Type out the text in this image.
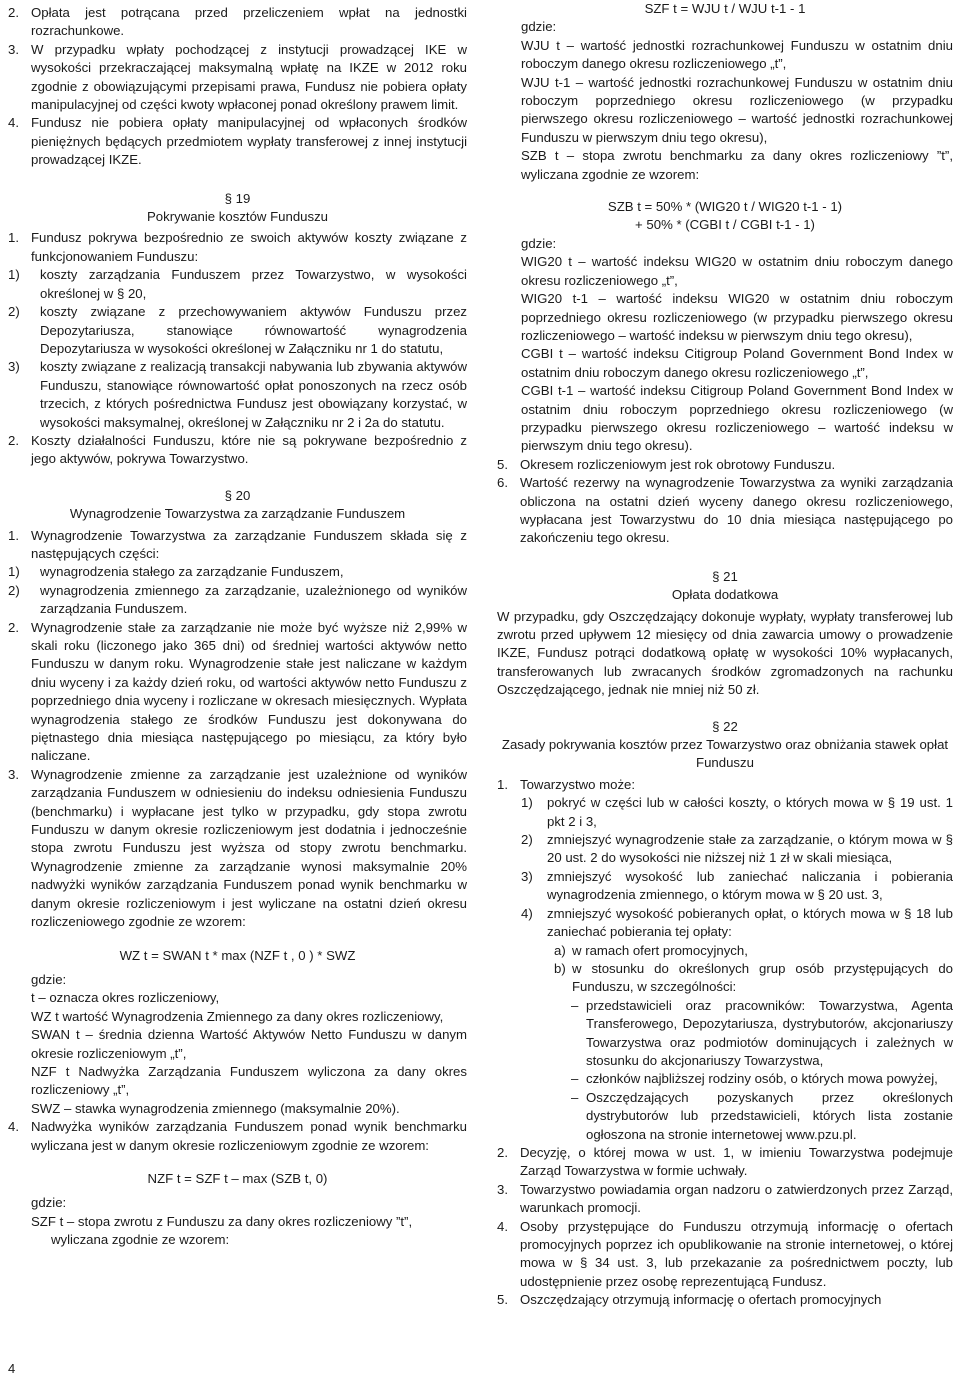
2. Opłata jest potrącana przed przeliczeniem wpłat na jednostki rozrachunkowe.
3. W przypadku wpłaty pochodzącej z instytucji prowadzącej IKE w wysokości przekraczającej maksymalną wpłatę na IKZE w 2012 roku zgodnie z obowiązującymi przepisami prawa, Fundusz nie pobiera opłaty manipulacyjnej od części kwoty wpłaconej ponad określony prawem limit.
4. Fundusz nie pobiera opłaty manipulacyjnej od wpłaconych środków pieniężnych będących przedmiotem wypłaty transferowej z innej instytucji prowadzącej IKZE.
§ 19
Pokrywanie kosztów Funduszu
1. Fundusz pokrywa bezpośrednio ze swoich aktywów koszty związane z funkcjonowaniem Funduszu:
1) koszty zarządzania Funduszem przez Towarzystwo, w wysokości określonej w § 20,
2) koszty związane z przechowywaniem aktywów Funduszu przez Depozytariusza, stanowiące równowartość wynagrodzenia Depozytariusza w wysokości określonej w Załączniku nr 1 do statutu,
3) koszty związane z realizacją transakcji nabywania lub zbywania aktywów Funduszu, stanowiące równowartość opłat ponoszonych na rzecz osób trzecich, z których pośrednictwa Fundusz jest obowiązany korzystać, w wysokości maksymalnej, określonej w Załączniku nr 2 i 2a do statutu.
2. Koszty działalności Funduszu, które nie są pokrywane bezpośrednio z jego aktywów, pokrywa Towarzystwo.
§ 20
Wynagrodzenie Towarzystwa za zarządzanie Funduszem
1. Wynagrodzenie Towarzystwa za zarządzanie Funduszem składa się z następujących części:
1) wynagrodzenia stałego za zarządzanie Funduszem,
2) wynagrodzenia zmiennego za zarządzanie, uzależnionego od wyników zarządzania Funduszem.
2. Wynagrodzenie stałe za zarządzanie nie może być wyższe niż 2,99% w skali roku (liczonego jako 365 dni) od średniej wartości aktywów netto Funduszu w danym roku. Wynagrodzenie stałe jest naliczane w każdym dniu wyceny i za każdy dzień roku, od wartości aktywów netto Funduszu z poprzedniego dnia wyceny i rozliczane w okresach miesięcznych. Wypłata wynagrodzenia stałego ze środków Funduszu jest dokonywana do piętnastego dnia miesiąca następującego po miesiącu, za który było naliczane.
3. Wynagrodzenie zmienne za zarządzanie jest uzależnione od wyników zarządzania Funduszem w odniesieniu do indeksu odniesienia Funduszu (benchmarku) i wypłacane jest tylko w przypadku, gdy stopa zwrotu Funduszu w danym okresie rozliczeniowym jest dodatnia i jednocześnie stopa zwrotu Funduszu jest wyższa od stopy zwrotu benchmarku. Wynagrodzenie zmienne za zarządzanie wynosi maksymalnie 20% nadwyżki wyników zarządzania Funduszem ponad wynik benchmarku w danym okresie rozliczeniowym i jest wyliczane na ostatni dzień okresu rozliczeniowego zgodnie ze wzorem:
WZ t = SWAN t * max (NZF t , 0 ) * SWZ
gdzie:
t – oznacza okres rozliczeniowy,
WZ t wartość Wynagrodzenia Zmiennego za dany okres rozliczeniowy,
SWAN t – średnia dzienna Wartość Aktywów Netto Funduszu w danym okresie rozliczeniowym „t”,
NZF t Nadwyżka Zarządzania Funduszem wyliczona za dany okres rozliczeniowy „t”,
SWZ – stawka wynagrodzenia zmiennego (maksymalnie 20%).
4. Nadwyżka wyników zarządzania Funduszem ponad wynik benchmarku wyliczana jest w danym okresie rozliczeniowym zgodnie ze wzorem:
NZF t = SZF t – max (SZB t, 0)
gdzie:
SZF t – stopa zwrotu z Funduszu za dany okres rozliczeniowy ”t”,
wyliczana zgodnie ze wzorem:
SZF t = WJU t / WJU t-1 - 1
gdzie:
WJU t – wartość jednostki rozrachunkowej Funduszu w ostatnim dniu roboczym danego okresu rozliczeniowego „t”,
WJU t-1 – wartość jednostki rozrachunkowej Funduszu w ostatnim dniu roboczym poprzedniego okresu rozliczeniowego (w przypadku pierwszego okresu rozliczeniowego – wartość jednostki rozrachunkowej Funduszu w pierwszym dniu tego okresu),
SZB t – stopa zwrotu benchmarku za dany okres rozliczeniowy ”t”, wyliczana zgodnie ze wzorem:
SZB t = 50% * (WIG20 t / WIG20 t-1 - 1)
+ 50% * (CGBI t / CGBI t-1 - 1)
gdzie:
WIG20 t – wartość indeksu WIG20 w ostatnim dniu roboczym danego okresu rozliczeniowego „t”,
WIG20 t-1 – wartość indeksu WIG20 w ostatnim dniu roboczym poprzedniego okresu rozliczeniowego (w przypadku pierwszego okresu rozliczeniowego – wartość indeksu w pierwszym dniu tego okresu),
CGBI t – wartość indeksu Citigroup Poland Government Bond Index w ostatnim dniu roboczym danego okresu rozliczeniowego „t”,
CGBI t-1 – wartość indeksu Citigroup Poland Government Bond Index w ostatnim dniu roboczym poprzedniego okresu rozliczeniowego (w przypadku pierwszego okresu rozliczeniowego – wartość indeksu w pierwszym dniu tego okresu).
5. Okresem rozliczeniowym jest rok obrotowy Funduszu.
6. Wartość rezerwy na wynagrodzenie Towarzystwa za wyniki zarządzania obliczona na ostatni dzień wyceny danego okresu rozliczeniowego, wypłacana jest Towarzystwu do 10 dnia miesiąca następującego po zakończeniu tego okresu.
§ 21
Opłata dodatkowa

W przypadku, gdy Oszczędzający dokonuje wypłaty, wypłaty transferowej lub zwrotu przed upływem 12 miesięcy od dnia zawarcia umowy o prowadzenie IKZE, Fundusz potrąci dodatkową opłatę w wysokości 10% wypłacanych, transferowanych lub zwracanych środków zgromadzonych na rachunku Oszczędzającego, jednak nie mniej niż 50 zł.

§ 22
Zasady pokrywania kosztów przez Towarzystwo oraz obniżania stawek opłat Funduszu
1. Towarzystwo może:
1) pokryć w części lub w całości koszty, o których mowa w § 19 ust. 1 pkt 2 i 3,
2) zmniejszyć wynagrodzenie stałe za zarządzanie, o którym mowa w § 20 ust. 2 do wysokości nie niższej niż 1 zł w skali miesiąca,
3) zmniejszyć wysokość lub zaniechać naliczania i pobierania wynagrodzenia zmiennego, o którym mowa w § 20 ust. 3,
4) zmniejszyć wysokość pobieranych opłat, o których mowa w § 18 lub zaniechać pobierania tej opłaty:
a) w ramach ofert promocyjnych,
b) w stosunku do określonych grup osób przystępujących do Funduszu, w szczególności:
– przedstawicieli oraz pracowników: Towarzystwa, Agenta Transferowego, Depozytariusza, dystrybutorów, akcjonariuszy Towarzystwa oraz podmiotów dominujących i zależnych w stosunku do akcjonariuszy Towarzystwa,
– członków najbliższej rodziny osób, o których mowa powyżej,
– Oszczędzających pozyskanych przez określonych dystrybutorów lub przedstawicieli, których lista zostanie ogłoszona na stronie internetowej www.pzu.pl.
2. Decyzję, o której mowa w ust. 1, w imieniu Towarzystwa podejmuje Zarząd Towarzystwa w formie uchwały.
3. Towarzystwo powiadamia organ nadzoru o zatwierdzonych przez Zarząd, warunkach promocji.
4. Osoby przystępujące do Funduszu otrzymują informację o ofertach promocyjnych poprzez ich opublikowanie na stronie internetowej, o której mowa w § 34 ust. 3, lub przekazanie za pośrednictwem poczty, lub udostępnienie przez osobę reprezentującą Fundusz.
5. Oszczędzający otrzymują informację o ofertach promocyjnych
4
